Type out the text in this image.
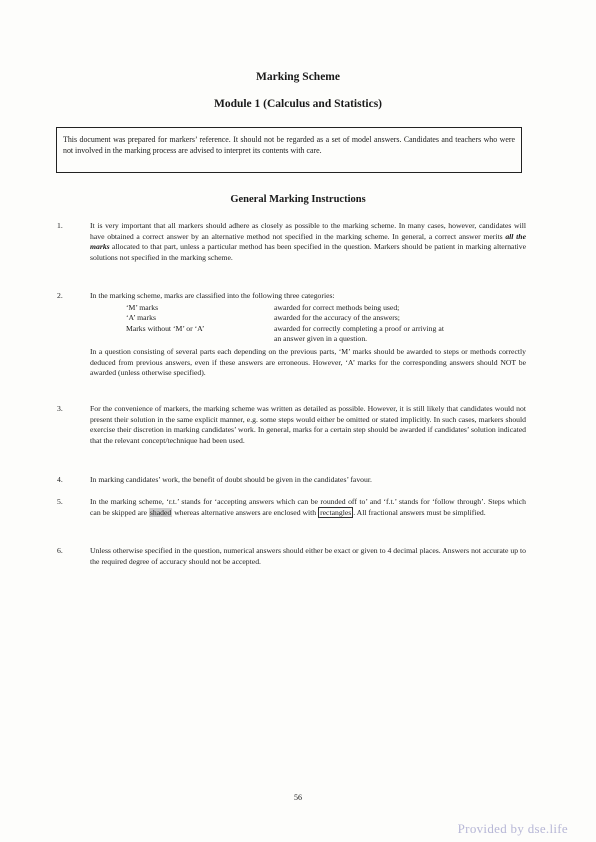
Marking Scheme
Module 1 (Calculus and Statistics)
This document was prepared for markers’ reference. It should not be regarded as a set of model answers. Candidates and teachers who were not involved in the marking process are advised to interpret its contents with care.
General Marking Instructions
1.	It is very important that all markers should adhere as closely as possible to the marking scheme. In many cases, however, candidates will have obtained a correct answer by an alternative method not specified in the marking scheme. In general, a correct answer merits all the marks allocated to that part, unless a particular method has been specified in the question. Markers should be patient in marking alternative solutions not specified in the marking scheme.
2.	In the marking scheme, marks are classified into the following three categories:
‘M’ marks	awarded for correct methods being used;
‘A’ marks	awarded for the accuracy of the answers;
Marks without ‘M’ or ‘A’	awarded for correctly completing a proof or arriving at an answer given in a question.
In a question consisting of several parts each depending on the previous parts, ‘M’ marks should be awarded to steps or methods correctly deduced from previous answers, even if these answers are erroneous. However, ‘A’ marks for the corresponding answers should NOT be awarded (unless otherwise specified).
3.	For the convenience of markers, the marking scheme was written as detailed as possible. However, it is still likely that candidates would not present their solution in the same explicit manner, e.g. some steps would either be omitted or stated implicitly. In such cases, markers should exercise their discretion in marking candidates’ work. In general, marks for a certain step should be awarded if candidates’ solution indicated that the relevant concept/technique had been used.
4.	In marking candidates’ work, the benefit of doubt should be given in the candidates’ favour.
5.	In the marking scheme, ‘r.t.’ stands for ‘accepting answers which can be rounded off to’ and ‘f.t.’ stands for ‘follow through’. Steps which can be skipped are shaded whereas alternative answers are enclosed with rectangles . All fractional answers must be simplified.
6.	Unless otherwise specified in the question, numerical answers should either be exact or given to 4 decimal places. Answers not accurate up to the required degree of accuracy should not be accepted.
56
Provided by dse.life
